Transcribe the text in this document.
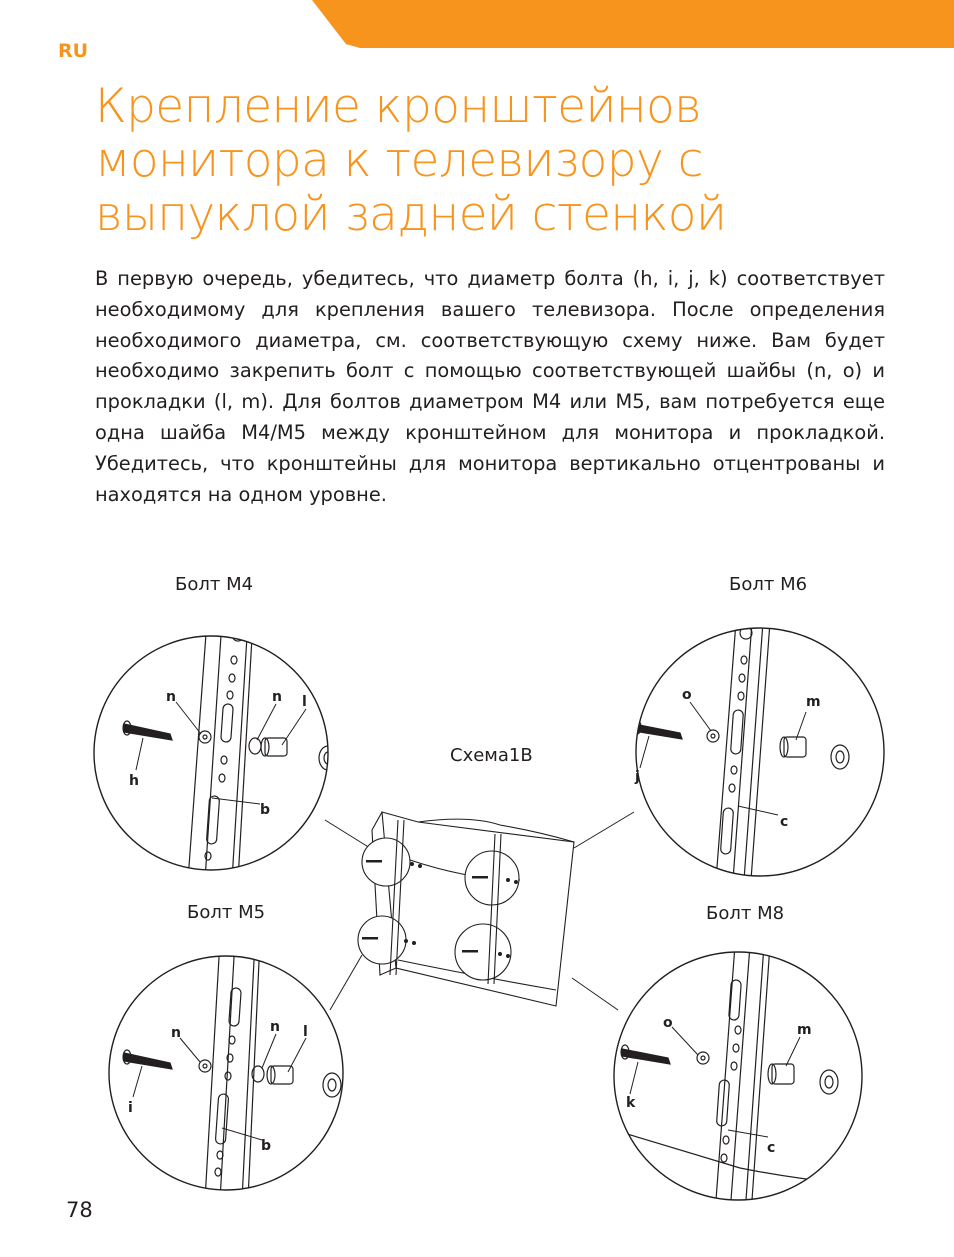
RU
Крепление кронштейнов монитора к телевизору с выпуклой задней стенкой
В первую очередь, убедитесь, что диаметр болта (h, i, j, k) соответствует необходимому для крепления вашего телевизора. После определения необходимого диаметра, см. соответствующую схему ниже. Вам будет необходимо закрепить болт с помощью соответствующей шайбы (n, o) и прокладки (l, m). Для болтов диаметром M4 или M5, вам потребуется еще одна шайба M4/M5 между кронштейном для монитора и прокладкой. Убедитесь, что кронштейны для монитора вертикально отцентрованы и находятся на одном уровне.
Болт M4	Болт M6
Болт M5	Болт M8
Схема1B
n	n l
h
b
o	m
j
c
n	n l
i
b
o	m
k
c
78
